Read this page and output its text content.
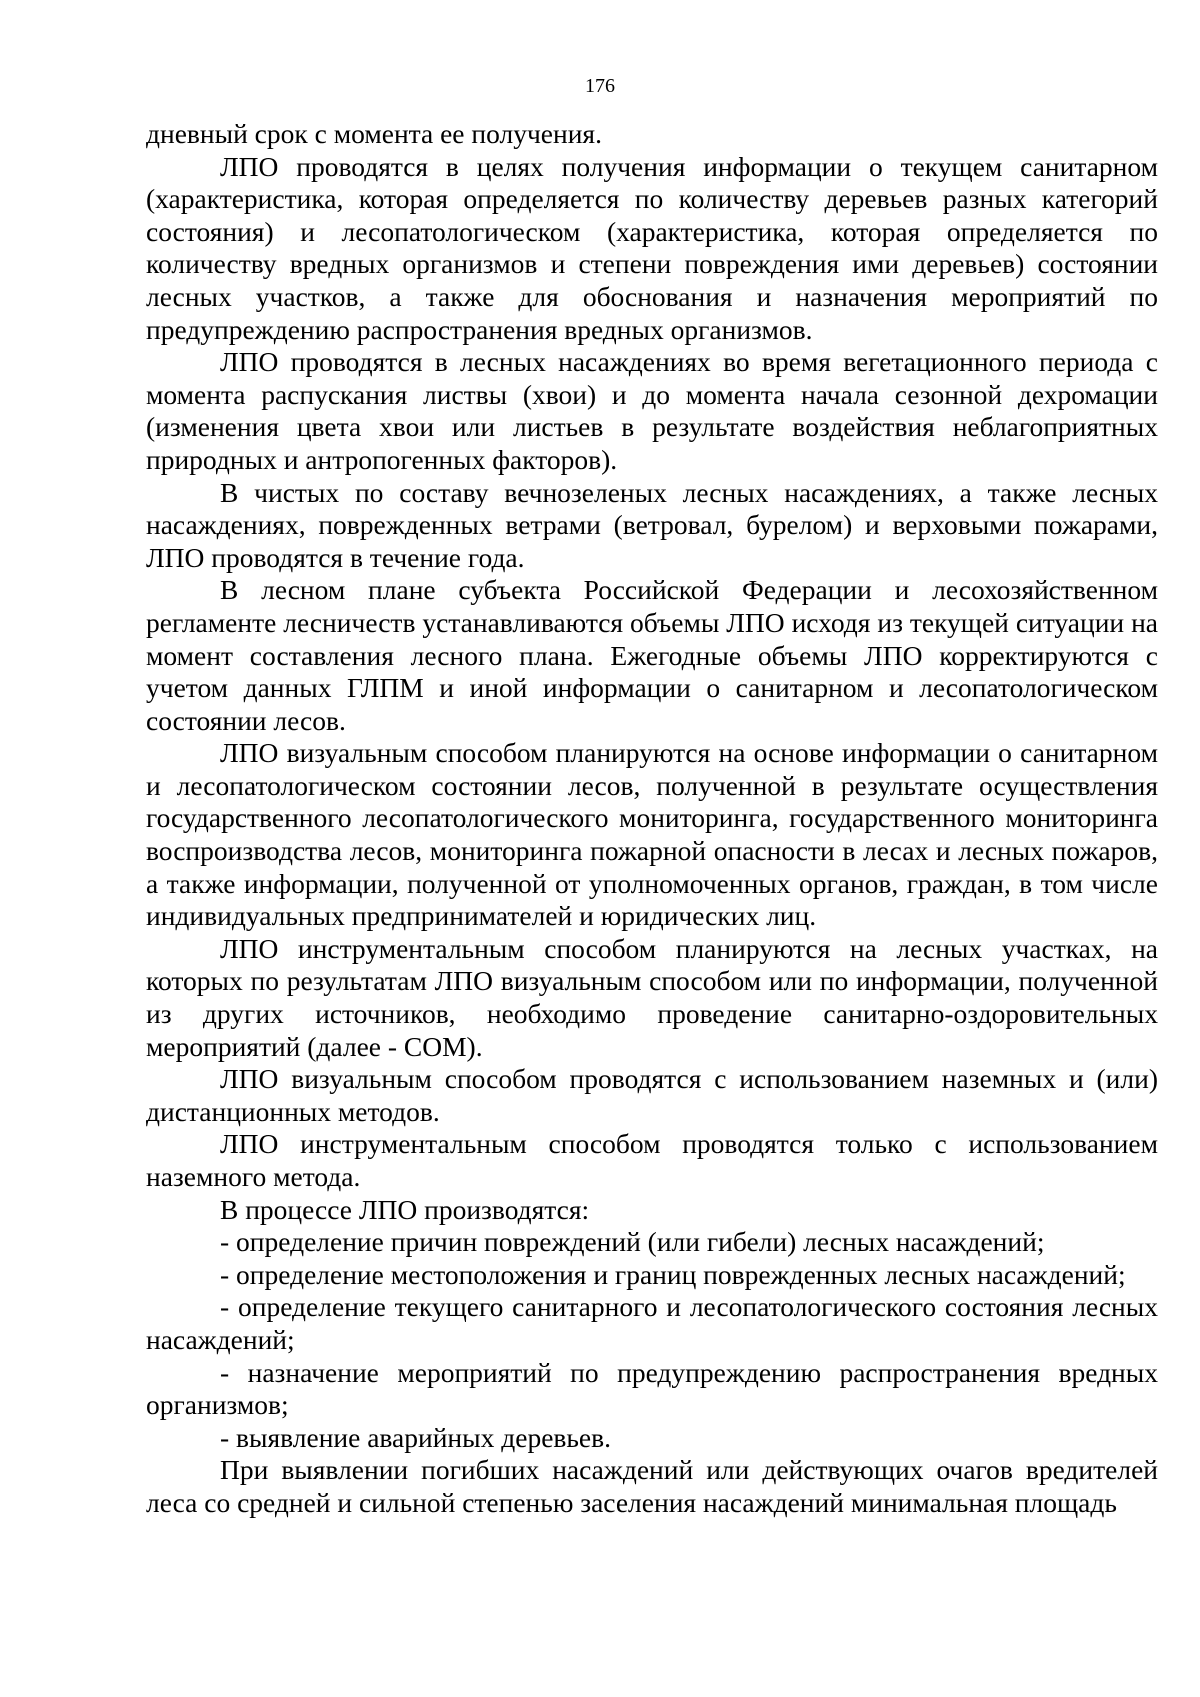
176

дневный срок с момента ее получения.

ЛПО проводятся в целях получения информации о текущем санитарном (характеристика, которая определяется по количеству деревьев разных категорий состояния) и лесопатологическом (характеристика, которая определяется по количеству вредных организмов и степени повреждения ими деревьев) состоянии лесных участков, а также для обоснования и назначения мероприятий по предупреждению распространения вредных организмов.

ЛПО проводятся в лесных насаждениях во время вегетационного периода с момента распускания листвы (хвои) и до момента начала сезонной дехромации (изменения цвета хвои или листьев в результате воздействия неблагоприятных природных и антропогенных факторов).

В чистых по составу вечнозеленых лесных насаждениях, а также лесных насаждениях, поврежденных ветрами (ветровал, бурелом) и верховыми пожарами, ЛПО проводятся в течение года.

В лесном плане субъекта Российской Федерации и лесохозяйственном регламенте лесничеств устанавливаются объемы ЛПО исходя из текущей ситуации на момент составления лесного плана. Ежегодные объемы ЛПО корректируются с учетом данных ГЛПМ и иной информации о санитарном и лесопатологическом состоянии лесов.

ЛПО визуальным способом планируются на основе информации о санитарном и лесопатологическом состоянии лесов, полученной в результате осуществления государственного лесопатологического мониторинга, государственного мониторинга воспроизводства лесов, мониторинга пожарной опасности в лесах и лесных пожаров, а также информации, полученной от уполномоченных органов, граждан, в том числе индивидуальных предпринимателей и юридических лиц.

ЛПО инструментальным способом планируются на лесных участках, на которых по результатам ЛПО визуальным способом или по информации, полученной из других источников, необходимо проведение санитарно-оздоровительных мероприятий (далее - СОМ).

ЛПО визуальным способом проводятся с использованием наземных и (или) дистанционных методов.

ЛПО инструментальным способом проводятся только с использованием наземного метода.

В процессе ЛПО производятся:

- определение причин повреждений (или гибели) лесных насаждений;

- определение местоположения и границ поврежденных лесных насаждений;

- определение текущего санитарного и лесопатологического состояния лесных насаждений;

- назначение мероприятий по предупреждению распространения вредных организмов;

- выявление аварийных деревьев.

При выявлении погибших насаждений или действующих очагов вредителей леса со средней и сильной степенью заселения насаждений минимальная площадь
